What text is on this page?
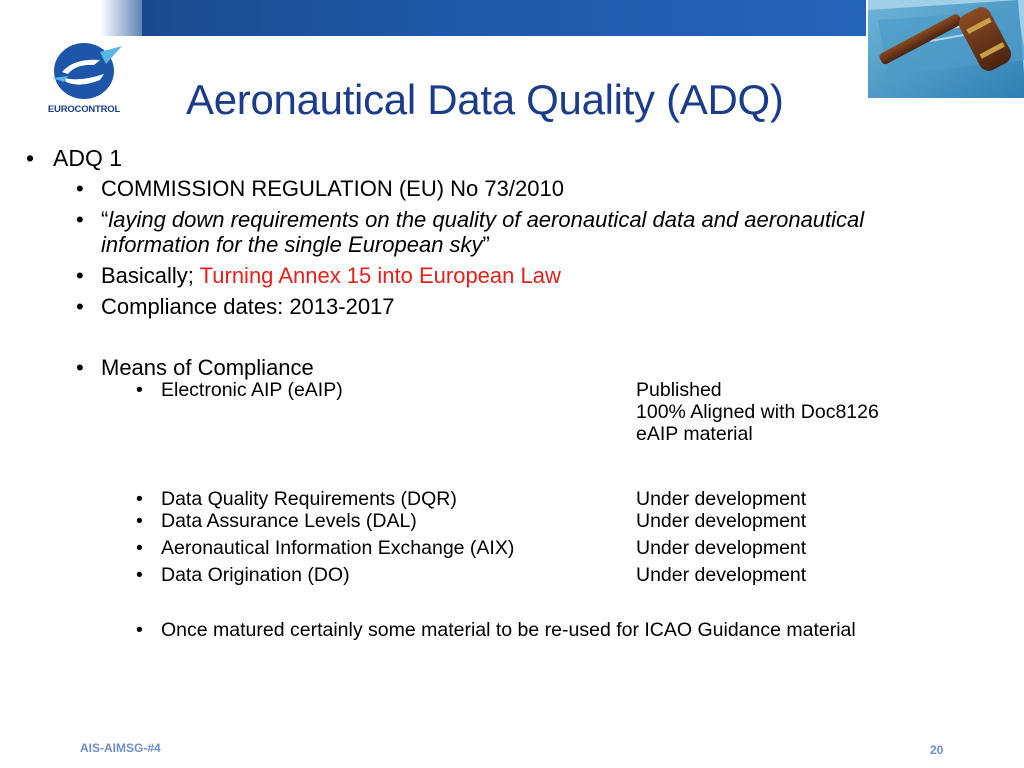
EUROCONTROL Aeronautical Data Quality (ADQ)
• ADQ 1
• COMMISSION REGULATION (EU) No 73/2010
• “laying down requirements on the quality of aeronautical data and aeronautical
information for the single European sky”
• Basically; Turning Annex 15 into European Law
• Compliance dates: 2013-2017
• Means of Compliance
• Electronic AIP (eAIP)	Published
100% Aligned with Doc8126
eAIP material
• Data Quality Requirements (DQR)	Under development
• Data Assurance Levels (DAL)	Under development
• Aeronautical Information Exchange (AIX)	Under development
• Data Origination (DO)	Under development
• Once matured certainly some material to be re-used for ICAO Guidance material
AIS-AIMSG-#4	20
